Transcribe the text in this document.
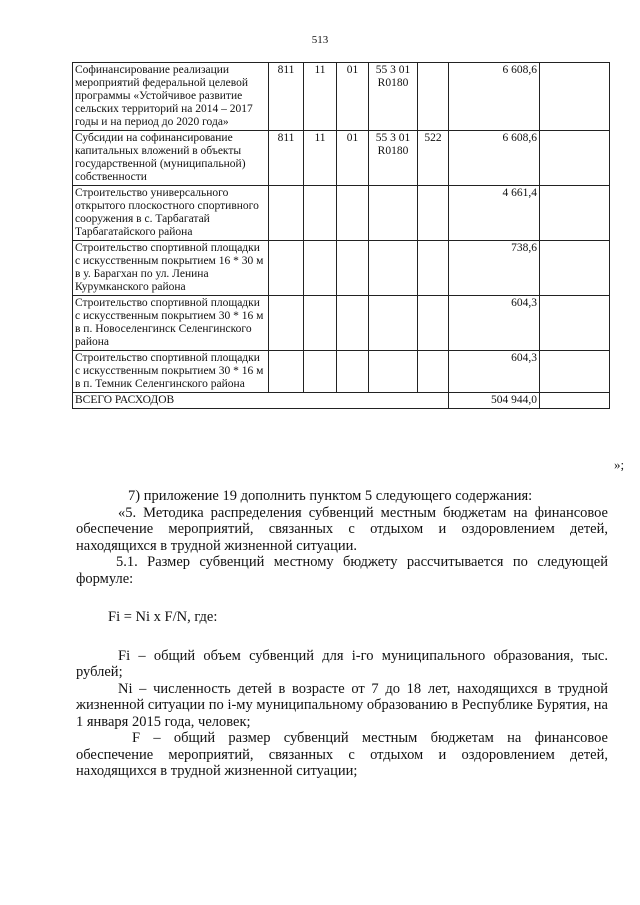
513
Софинансирование реализации мероприятий федеральной целевой программы «Устойчивое развитие сельских территорий на 2014 – 2017 годы и на период до 2020 года»	811	11	01	55 3 01 R0180		6 608,6	
Субсидии на софинансирование капитальных вложений в объекты государственной (муниципальной) собственности	811	11	01	55 3 01 R0180	522	6 608,6	
Строительство универсального открытого плоскостного спортивного сооружения в с. Тарбагатай Тарбагатайского района						4 661,4	
Строительство спортивной площадки с искусственным покрытием 16 * 30 м в у. Барагхан по ул. Ленина Курумканского района						738,6	
Строительство спортивной площадки с искусственным покрытием 30 * 16 м в п. Новоселенгинск Селенгинского района						604,3	
Строительство спортивной площадки с искусственным покрытием 30 * 16 м в п. Темник Селенгинского района						604,3	
ВСЕГО РАСХОДОВ						504 944,0	
»;

7) приложение 19 дополнить пунктом 5 следующего содержания:

«5. Методика распределения субвенций местным бюджетам на финансовое обеспечение мероприятий, связанных с отдыхом и оздоровлением детей, находящихся в трудной жизненной ситуации.

5.1. Размер субвенций местному бюджету рассчитывается по следующей формуле:

Fi = Ni x F/N, где:

Fi – общий объем субвенций для i-го муниципального образования, тыс. рублей;

Ni – численность детей в возрасте от 7 до 18 лет, находящихся в трудной жизненной ситуации по i-му муниципальному образованию в Республике Бурятия, на 1 января 2015 года, человек;

F – общий размер субвенций местным бюджетам на финансовое обеспечение мероприятий, связанных с отдыхом и оздоровлением детей, находящихся в трудной жизненной ситуации;
